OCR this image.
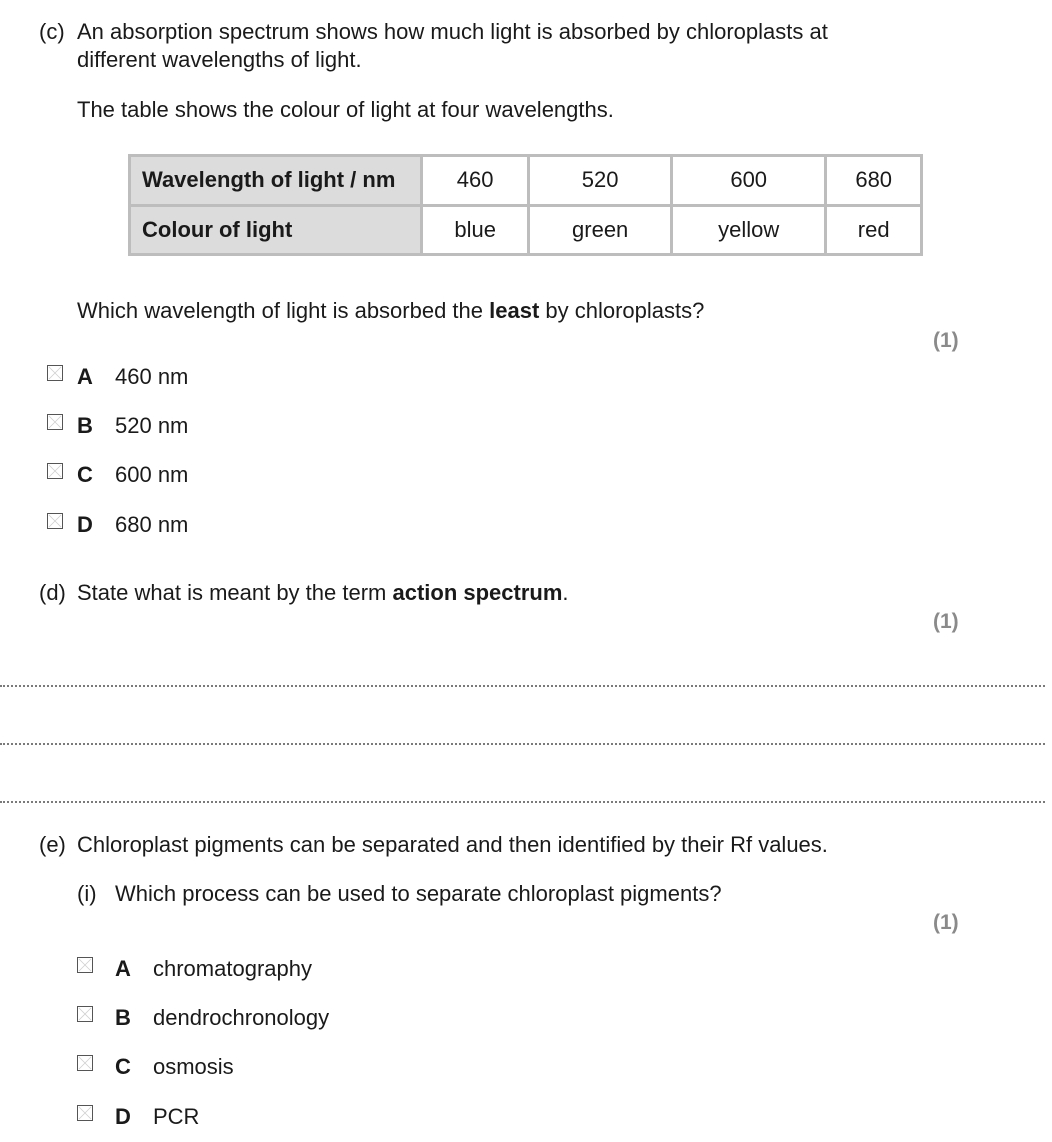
(c) An absorption spectrum shows how much light is absorbed by chloroplasts at
different wavelengths of light.
The table shows the colour of light at four wavelengths.
Wavelength of light / nm	460	520	600	680
Colour of light	blue	green	yellow	red
Which wavelength of light is absorbed the least by chloroplasts?
(1)
A 460 nm
B 520 nm
C 600 nm
D 680 nm
(d) State what is meant by the term action spectrum.
(1)
(e) Chloroplast pigments can be separated and then identified by their Rf values.
(i) Which process can be used to separate chloroplast pigments?
(1)
A chromatography
B dendrochronology
C osmosis
D PCR
